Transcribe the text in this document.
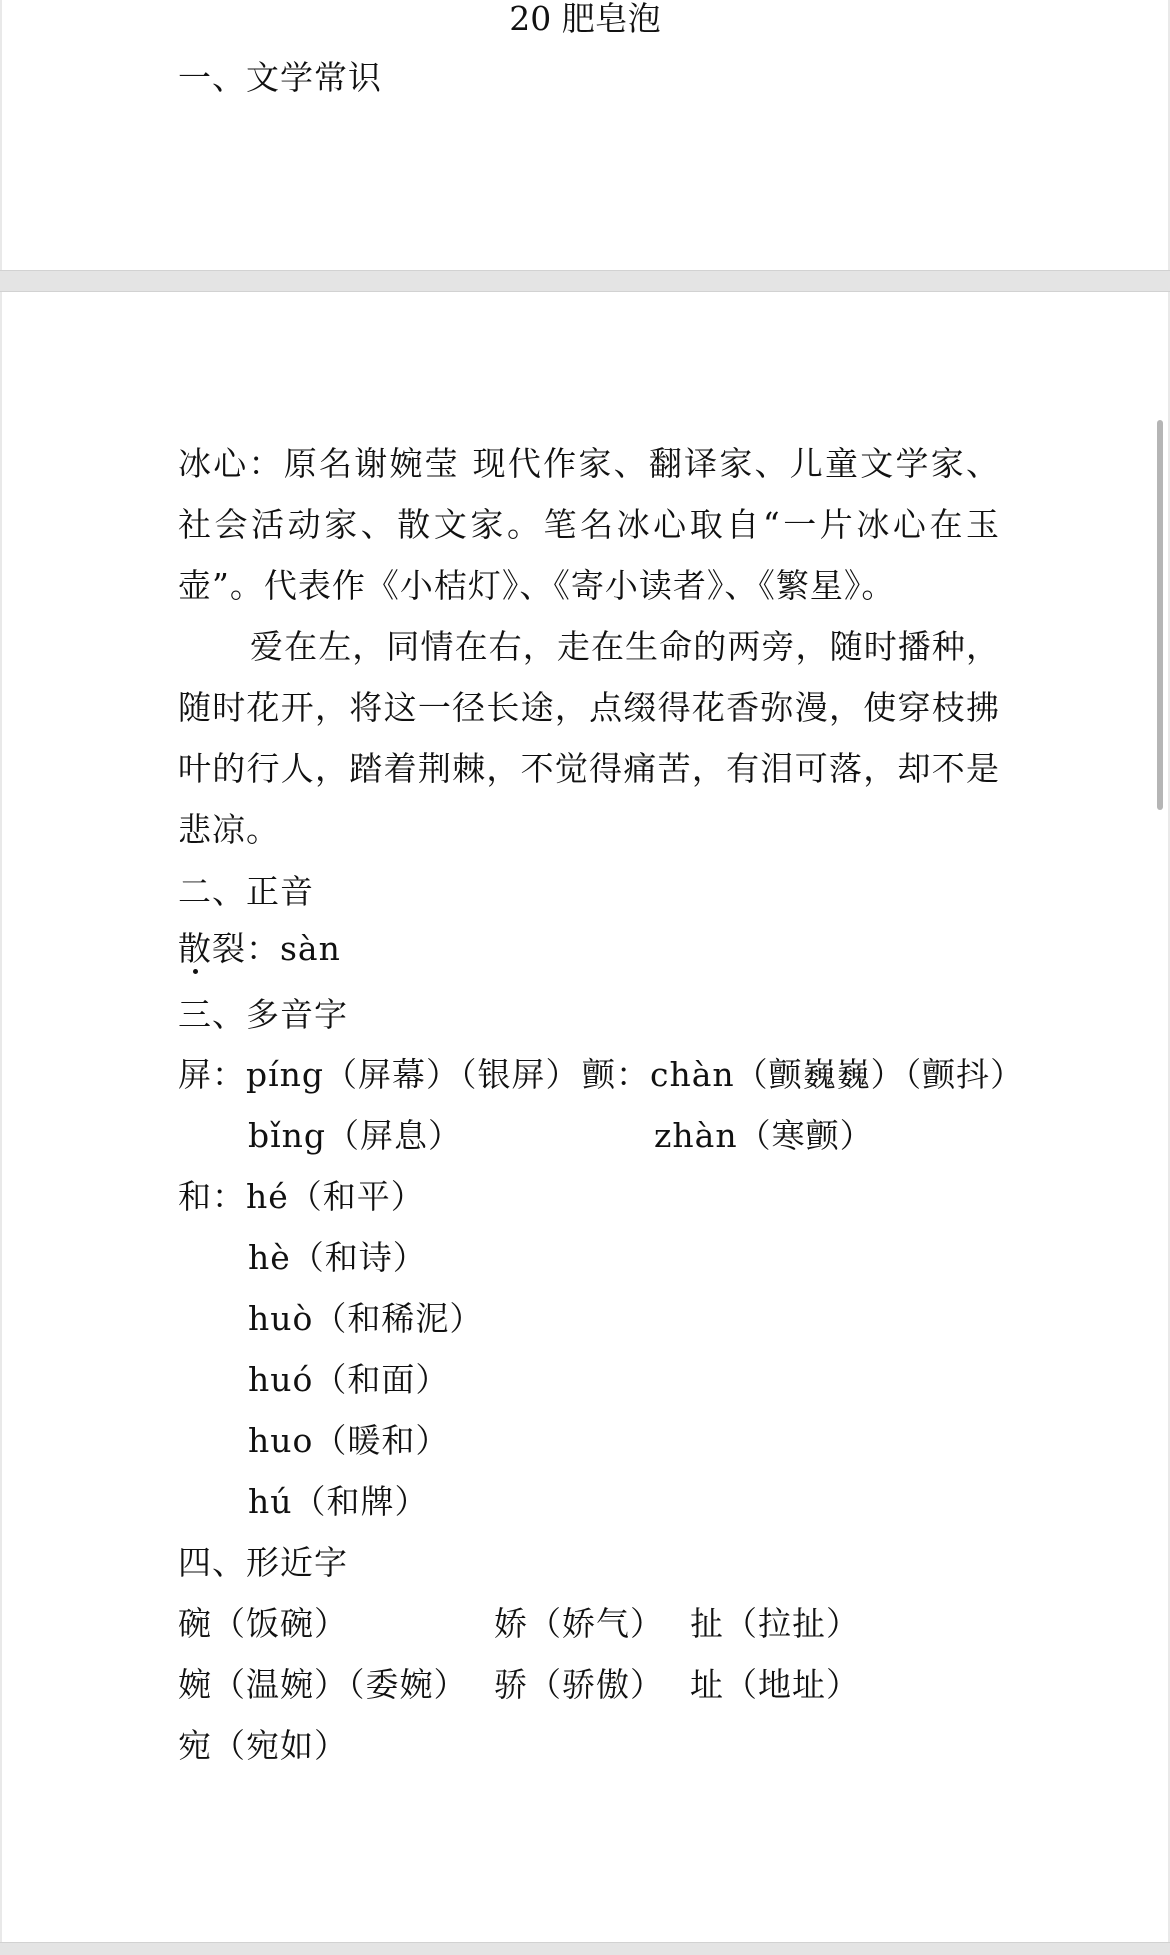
20 肥皂泡
一、文学常识
冰心：原名谢婉莹 现代作家、翻译家、儿童文学家、社会活动家、散文家。笔名冰心取自“一片冰心在玉壶”。代表作《小桔灯》、《寄小读者》、《繁星》。
爱在左，同情在右，走在生命的两旁，随时播种，随时花开，将这一径长途，点缀得花香弥漫，使穿枝拂叶的行人，踏着荆棘，不觉得痛苦，有泪可落，却不是悲凉。
二、正音
散裂：sàn
三、多音字
屏：píng（屏幕）（银屏） 颤：chàn（颤巍巍）（颤抖）
bǐng（屏息）	zhàn（寒颤）
和：hé（和平）
hè（和诗）
huò（和稀泥）
huó（和面）
huo（暖和）
hú（和牌）
四、形近字
碗（饭碗）	娇（娇气） 扯（拉扯）
婉（温婉）（委婉） 骄（骄傲） 址（地址）
宛（宛如）
